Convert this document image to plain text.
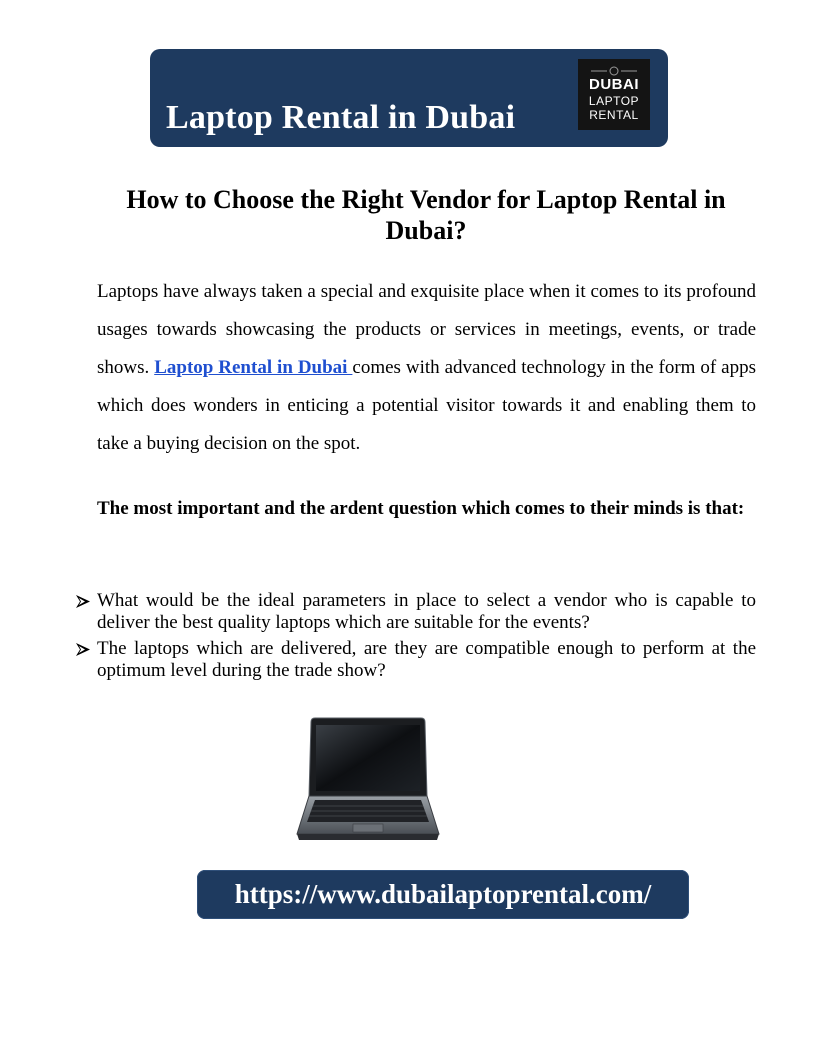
Laptop Rental in Dubai
DUBAI
LAPTOP
RENTAL
How to Choose the Right Vendor for Laptop Rental in Dubai?

Laptops have always taken a special and exquisite place when it comes to its profound usages towards showcasing the products or services in meetings, events, or trade shows. Laptop Rental in Dubai comes with advanced technology in the form of apps which does wonders in enticing a potential visitor towards it and enabling them to take a buying decision on the spot.

The most important and the ardent question which comes to their minds is that:

What would be the ideal parameters in place to select a vendor who is capable to deliver the best quality laptops which are suitable for the events?
The laptops which are delivered, are they are compatible enough to perform at the optimum level during the trade show?
https://www.dubailaptoprental.com/
